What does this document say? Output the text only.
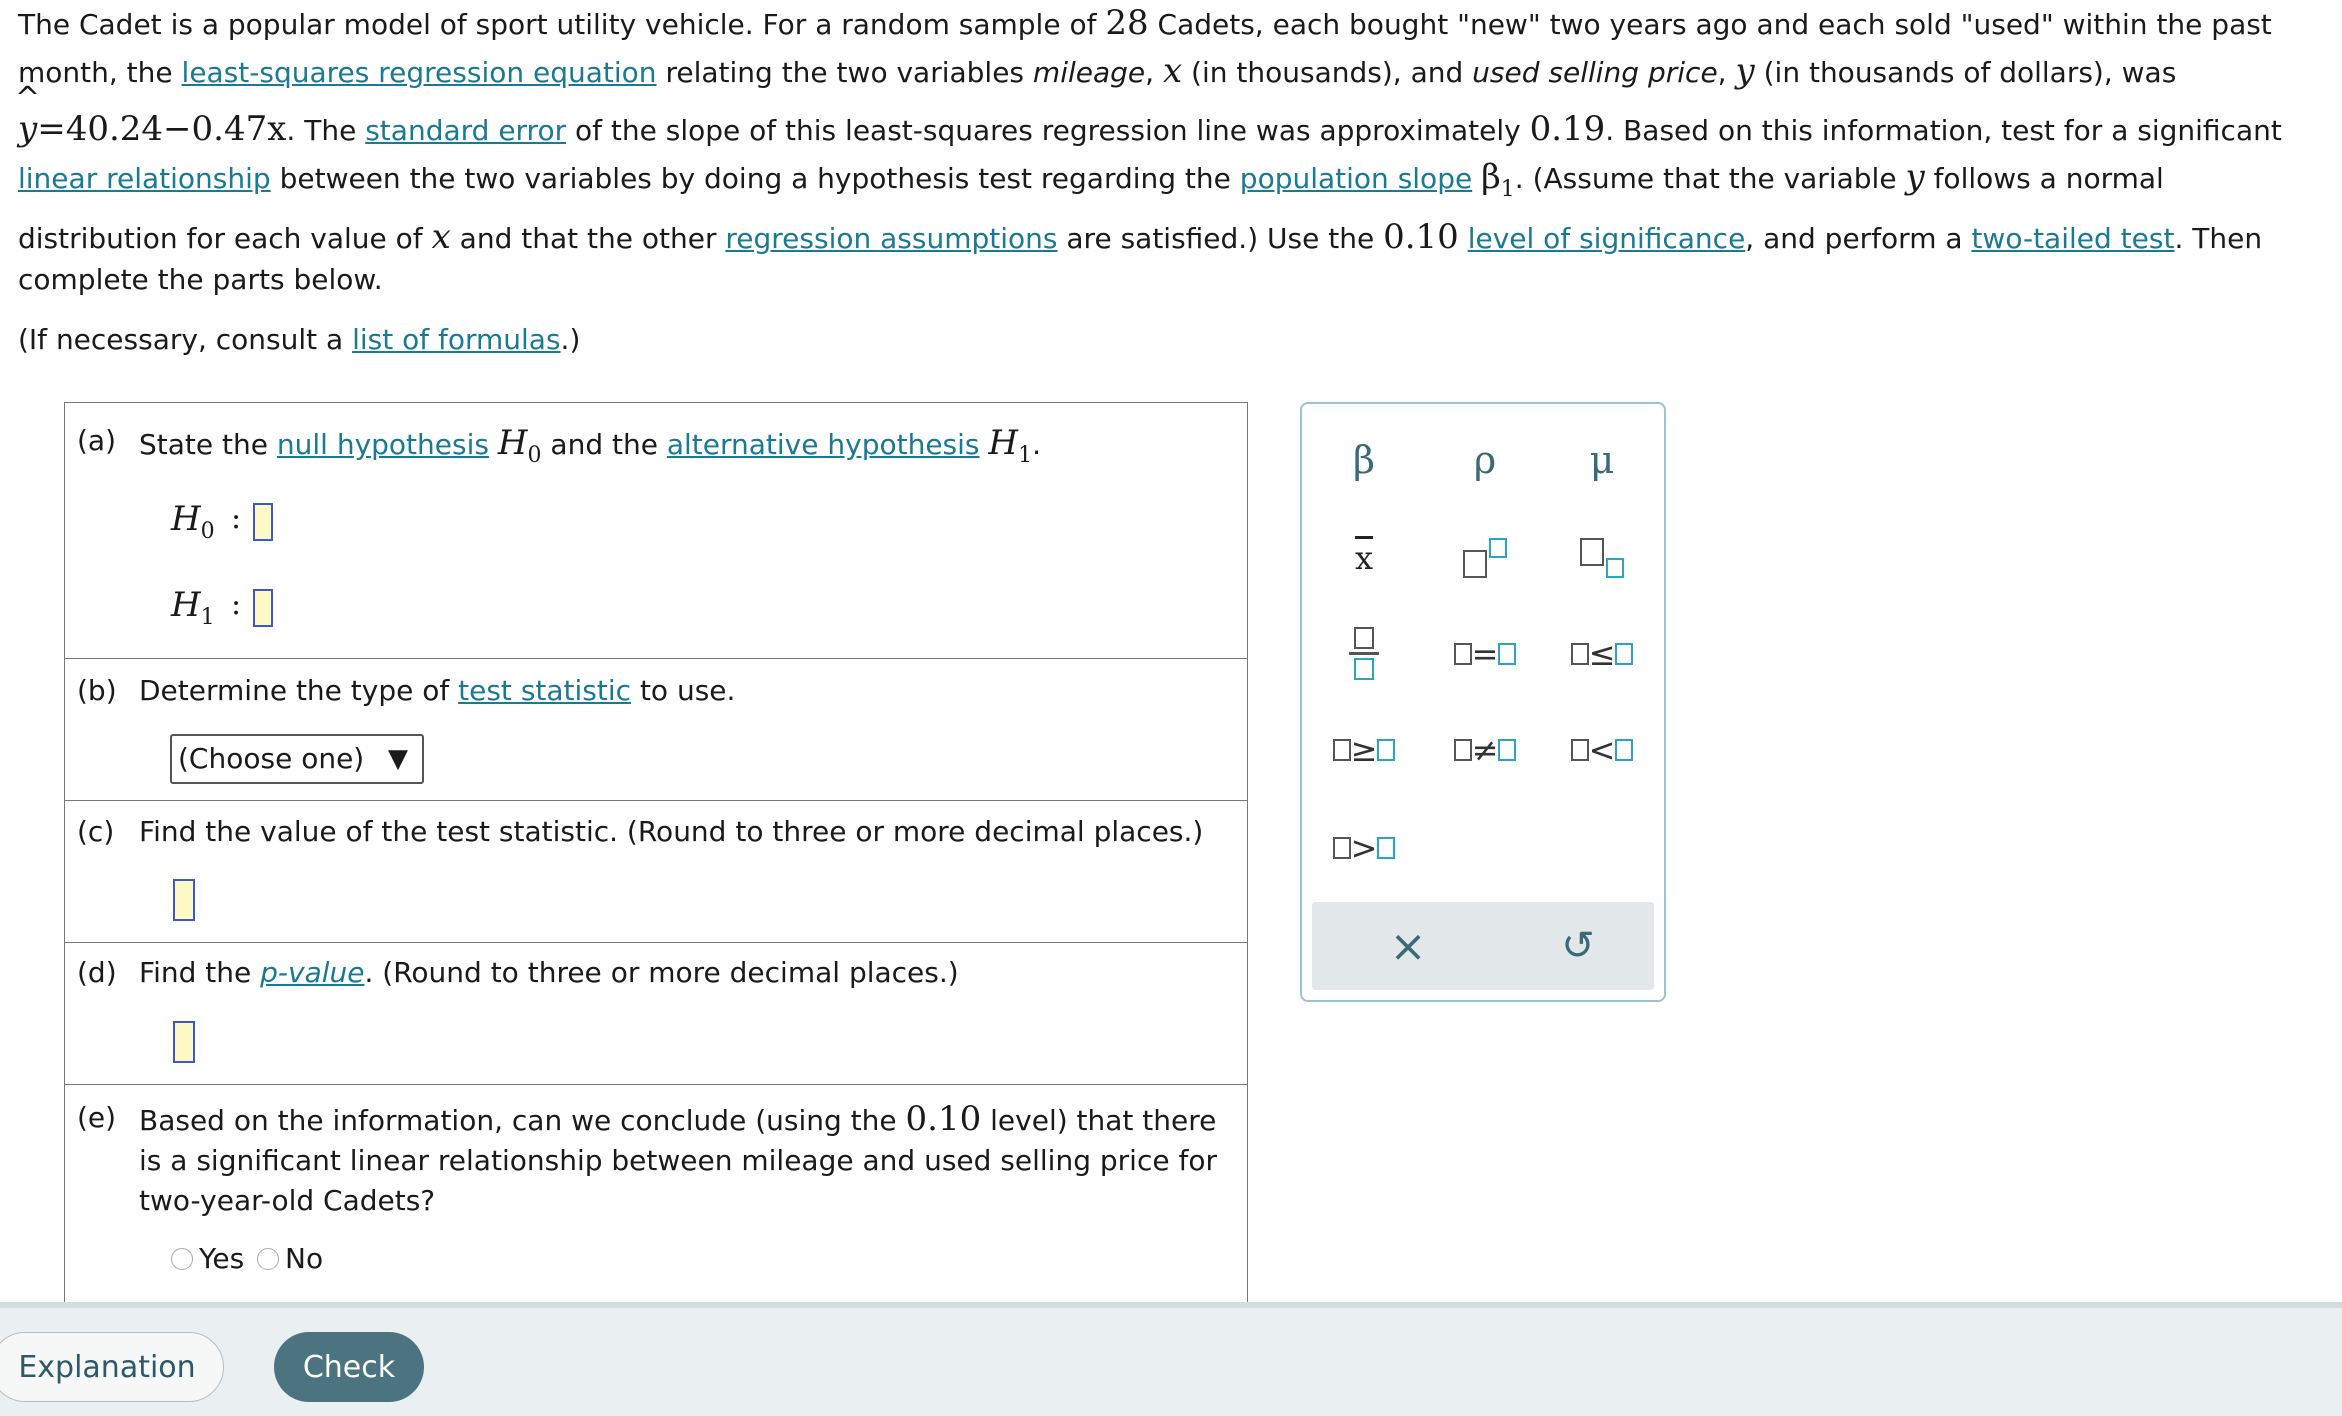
The Cadet is a popular model of sport utility vehicle. For a random sample of 28 Cadets, each bought "new" two years ago and each sold "used" within the past
month, the least-squares regression equation relating the two variables mileage, x (in thousands), and used selling price, y (in thousands of dollars), was
^
y=40.24−0.47x. The standard error of the slope of this least-squares regression line was approximately 0.19. Based on this information, test for a significant
linear relationship between the two variables by doing a hypothesis test regarding the population slope $\beta_1$. (Assume that the variable y follows a normal
distribution for each value of x and that the other regression assumptions are satisfied.) Use the 0.10 level of significance, and perform a two-tailed test. Then
complete the parts below.
(If necessary, consult a list of formulas.)
(a) State the null hypothesis $H_0$ and the alternative hypothesis $H_1$.
$H_0$ :
$H_1$ :
(b) Determine the type of test statistic to use.
(Choose one) ▼
(c) Find the value of the test statistic. (Round to three or more decimal places.)
(d) Find the p-value. (Round to three or more decimal places.)
(e) Based on the information, can we conclude (using the 0.10 level) that there
is a significant linear relationship between mileage and used selling price for
two-year-old Cadets?
Yes No
β	ρ μ
$\overline{x}$
=	≤
≥	≠	<
>
×	↺
Explanation	Check
